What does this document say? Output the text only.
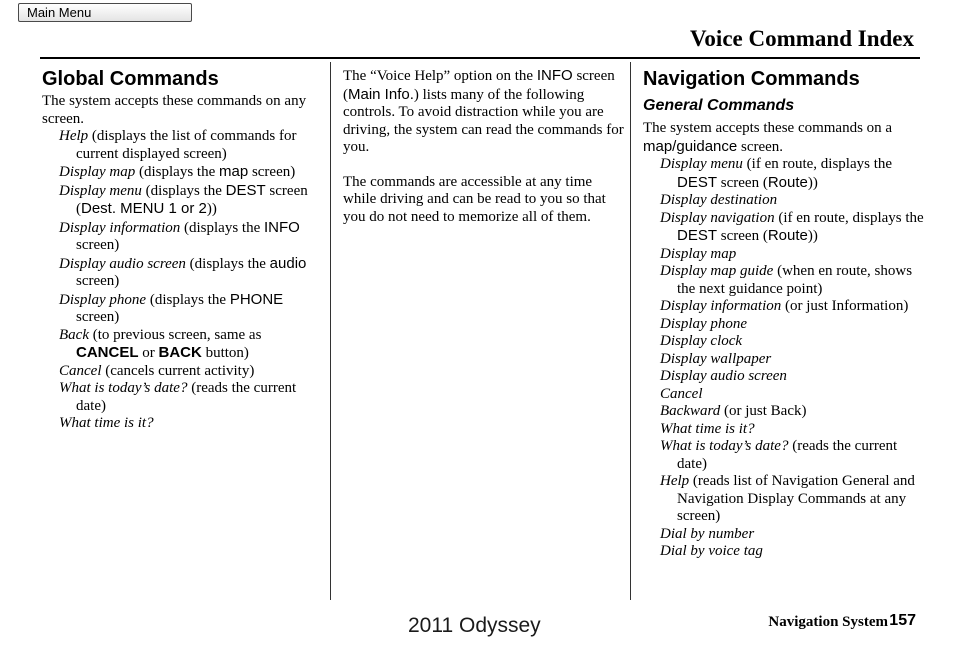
Main Menu
Voice Command Index
Global Commands

The system accepts these commands on any screen.

Help (displays the list of commands for current displayed screen)

Display map (displays the map screen)

Display menu (displays the DEST screen (Dest. MENU 1 or 2))

Display information (displays the INFO screen)

Display audio screen (displays the audio screen)

Display phone (displays the PHONE screen)

Back (to previous screen, same as CANCEL or BACK button)

Cancel (cancels current activity)

What is today’s date? (reads the current date)

What time is it?

The “Voice Help” option on the INFO screen (Main Info.) lists many of the following controls. To avoid distraction while you are driving, the system can read the commands for you.

The commands are accessible at any time while driving and can be read to you so that you do not need to memorize all of them.

Navigation Commands
General Commands

The system accepts these commands on a map/guidance screen.

Display menu (if en route, displays the DEST screen (Route))

Display destination

Display navigation (if en route, displays the DEST screen (Route))

Display map

Display map guide (when en route, shows the next guidance point)

Display information (or just Information)

Display phone

Display clock

Display wallpaper

Display audio screen

Cancel

Backward (or just Back)

What time is it?

What is today’s date? (reads the current date)

Help (reads list of Navigation General and Navigation Display Commands at any screen)

Dial by number

Dial by voice tag

2011 Odyssey	Navigation System 157
